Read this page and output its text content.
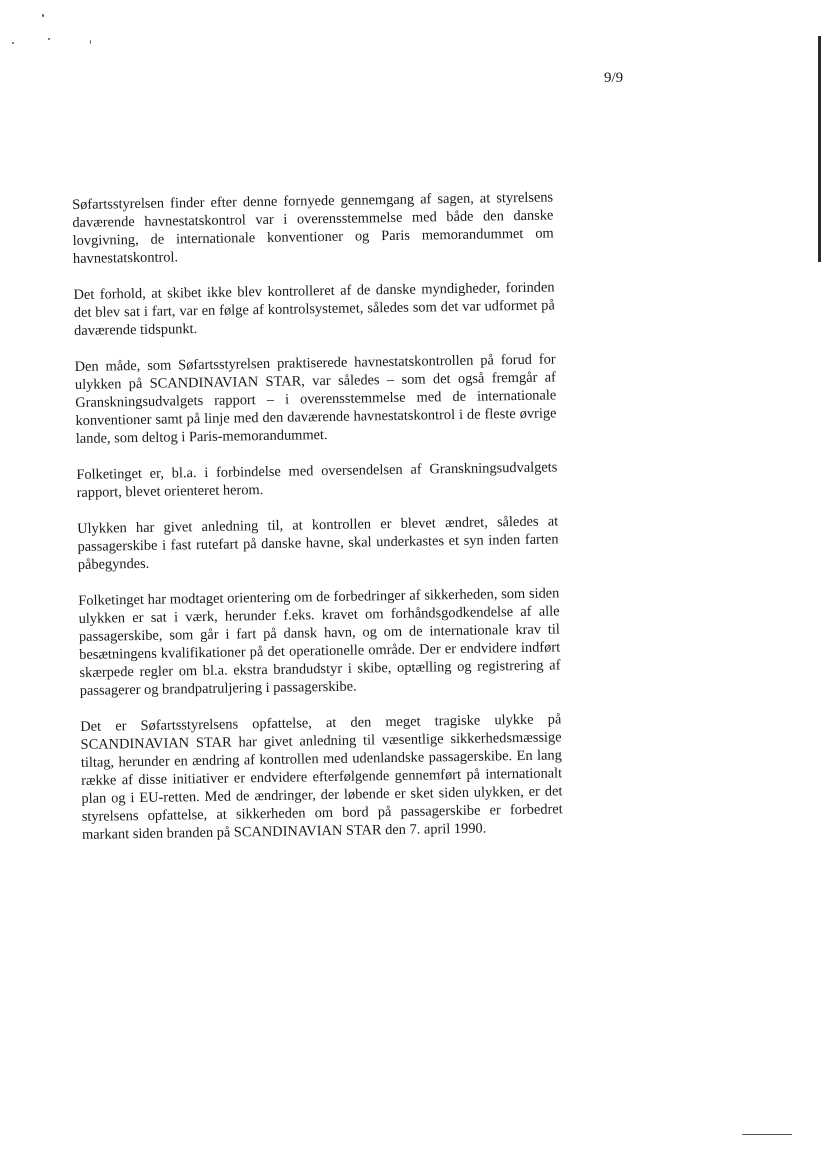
9/9

Søfartsstyrelsen finder efter denne fornyede gennemgang af sagen, at styrelsens daværende havnestatskontrol var i overensstemmelse med både den danske lovgivning, de internationale konventioner og Paris memorandummet om havnestatskontrol.

Det forhold, at skibet ikke blev kontrolleret af de danske myndigheder, forinden det blev sat i fart, var en følge af kontrolsystemet, således som det var udformet på daværende tidspunkt.

Den måde, som Søfartsstyrelsen praktiserede havnestatskontrollen på forud for ulykken på SCANDINAVIAN STAR, var således – som det også fremgår af Granskningsudvalgets rapport – i overensstemmelse med de internationale konventioner samt på linje med den daværende havnestatskontrol i de fleste øvrige lande, som deltog i Paris-memorandummet.

Folketinget er, bl.a. i forbindelse med oversendelsen af Granskningsudvalgets rapport, blevet orienteret herom.

Ulykken har givet anledning til, at kontrollen er blevet ændret, således at passagerskibe i fast rutefart på danske havne, skal underkastes et syn inden farten påbegyndes.

Folketinget har modtaget orientering om de forbedringer af sikkerheden, som siden ulykken er sat i værk, herunder f.eks. kravet om forhåndsgodkendelse af alle passagerskibe, som går i fart på dansk havn, og om de internationale krav til besætningens kvalifikationer på det operationelle område. Der er endvidere indført skærpede regler om bl.a. ekstra brandudstyr i skibe, optælling og registrering af passagerer og brandpatruljering i passagerskibe.

Det er Søfartsstyrelsens opfattelse, at den meget tragiske ulykke på SCANDINAVIAN STAR har givet anledning til væsentlige sikkerhedsmæssige tiltag, herunder en ændring af kontrollen med udenlandske passagerskibe. En lang række af disse initiativer er endvidere efterfølgende gennemført på internationalt plan og i EU-retten. Med de ændringer, der løbende er sket siden ulykken, er det styrelsens opfattelse, at sikkerheden om bord på passagerskibe er forbedret markant siden branden på SCANDINAVIAN STAR den 7. april 1990.
